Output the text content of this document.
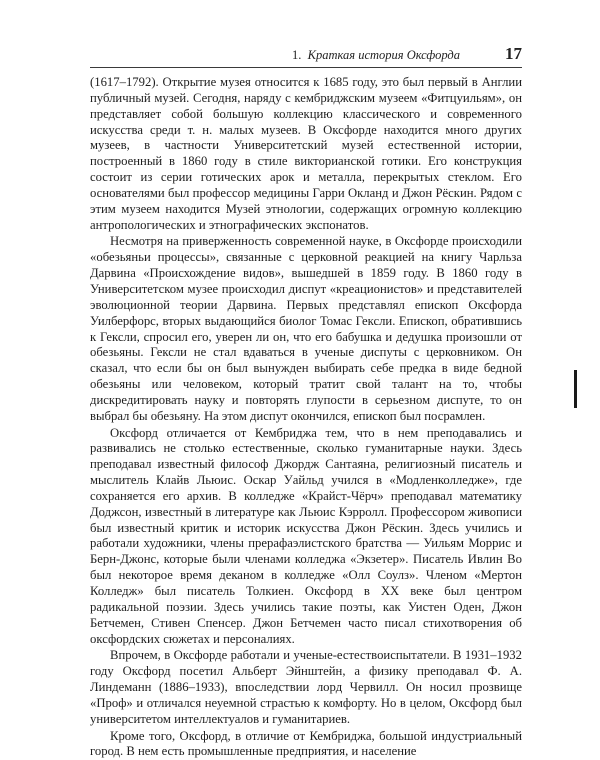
1. Краткая история Оксфорда	17

(1617–1792). Открытие музея относится к 1685 году, это был первый в Англии публичный музей. Сегодня, наряду с кембриджским музеем «Фитцуильям», он представляет собой большую коллекцию классического и современного искусства среди т. н. малых музеев. В Оксфорде находится много других музеев, в частности Университетский музей естественной истории, построенный в 1860 году в стиле викторианской готики. Его конструкция состоит из серии готических арок и металла, перекрытых стеклом. Его основателями был профессор медицины Гарри Окланд и Джон Рёскин. Рядом с этим музеем находится Музей этнологии, содержащих огромную коллекцию антропологических и этнографических экспонатов.

Несмотря на приверженность современной науке, в Оксфорде происходили «обезьяньи процессы», связанные с церковной реакцией на книгу Чарльза Дарвина «Происхождение видов», вышедшей в 1859 году. В 1860 году в Университетском музее происходил диспут «креационистов» и представителей эволюционной теории Дарвина. Первых представлял епископ Оксфорда Уилберфорс, вторых выдающийся биолог Томас Гексли. Епископ, обратившись к Гексли, спросил его, уверен ли он, что его бабушка и дедушка произошли от обезьяны. Гексли не стал вдаваться в ученые диспуты с церковником. Он сказал, что если бы он был вынужден выбирать себе предка в виде бедной обезьяны или человеком, который тратит свой талант на то, чтобы дискредитировать науку и повторять глупости в серьезном диспуте, то он выбрал бы обезьяну. На этом диспут окончился, епископ был посрамлен.

Оксфорд отличается от Кембриджа тем, что в нем преподавались и развивались не столько естественные, сколько гуманитарные науки. Здесь преподавал известный философ Джордж Сантаяна, религиозный писатель и мыслитель Клайв Льюис. Оскар Уайльд учился в «Модленколледже», где сохраняется его архив. В колледже «Крайст-Чёрч» преподавал математику Доджсон, известный в литературе как Льюис Кэрролл. Профессором живописи был известный критик и историк искусства Джон Рёскин. Здесь учились и работали художники, члены прерафаэлистского братства — Уильям Моррис и Берн-Джонс, которые были членами колледжа «Экзетер». Писатель Ивлин Во был некоторое время деканом в колледже «Олл Соулз». Членом «Мертон Колледж» был писатель Толкиен. Оксфорд в XX веке был центром радикальной поэзии. Здесь учились такие поэты, как Уистен Оден, Джон Бетчемен, Стивен Спенсер. Джон Бетчемен часто писал стихотворения об оксфордских сюжетах и персоналиях.

Впрочем, в Оксфорде работали и ученые-естествоиспытатели. В 1931–1932 году Оксфорд посетил Альберт Эйнштейн, а физику преподавал Ф. А. Линдеманн (1886–1933), впоследствии лорд Червилл. Он носил прозвище «Проф» и отличался неуемной страстью к комфорту. Но в целом, Оксфорд был университетом интеллектуалов и гуманитариев.

Кроме того, Оксфорд, в отличие от Кембриджа, большой индустриальный город. В нем есть промышленные предприятия, и население
